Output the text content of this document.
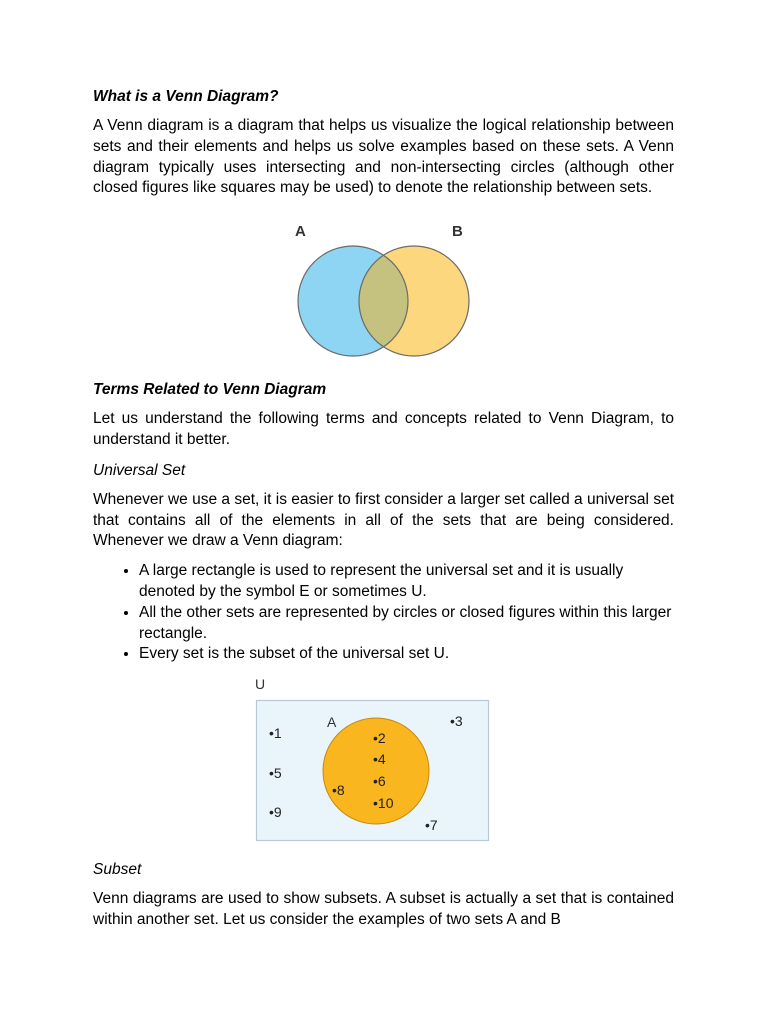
What is a Venn Diagram?

A Venn diagram is a diagram that helps us visualize the logical relationship between sets and their elements and helps us solve examples based on these sets. A Venn diagram typically uses intersecting and non-intersecting circles (although other closed figures like squares may be used) to denote the relationship between sets.

A	B
Terms Related to Venn Diagram

Let us understand the following terms and concepts related to Venn Diagram, to understand it better.

Universal Set

Whenever we use a set, it is easier to first consider a larger set called a universal set that contains all of the elements in all of the sets that are being considered. Whenever we draw a Venn diagram:

• A large rectangle is used to represent the universal set and it is usually denoted by the symbol E or sometimes U.
• All the other sets are represented by circles or closed figures within this larger rectangle.
• Every set is the subset of the universal set U.
U
A
•2
•4
•6
•10
•8
•1
•5
•9
•3
•7
Subset

Venn diagrams are used to show subsets. A subset is actually a set that is contained within another set. Let us consider the examples of two sets A and B
